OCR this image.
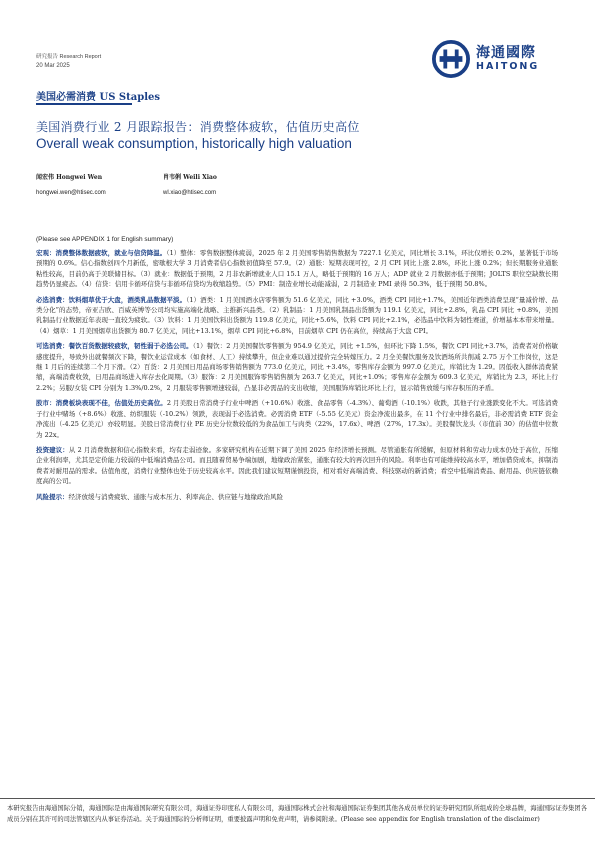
研究报告 Research Report
20 Mar 2025
海通國際
HAITONG
美国必需消费 US Staples
美国消费行业 2 月跟踪报告：消费整体疲软，估值历史高位
Overall weak consumption, historically high valuation
闻宏伟 Hongwei Wen	肖韦俐 Weili Xiao
hongwei.wen@htisec.com	wl.xiao@htisec.com
(Please see APPENDIX 1 for English summary)

宏观：消费整体数据疲软，就业与信贷降温。（1）整体：零售数据整体疲弱，2025 年 2 月美国零售销售数据为 7227.1 亿美元，同比增长 3.1%，环比仅增长 0.2%，显著低于市场预期的 0.6%。信心指数创四个月新低，密歇根大学 3 月消费者信心指数初值降至 57.9。（2）通胀：短期表现可控，2 月 CPI 同比上涨 2.8%，环比上涨 0.2%；但长期服务业通胀粘性较高，目前仍高于美联储目标。（3）就业：数据低于预期，2 月非农新增就业人口 15.1 万人，略低于预期的 16 万人；ADP 就业 2 月数据亦低于预期；JOLTS 职位空缺数长期趋势仍显疲态。（4）信贷：信用卡循环信贷与非循环信贷均为收缩趋势。（5）PMI：制造业增长动能减弱，2 月制造业 PMI 录得 50.3%，低于预期 50.8%。

必选消费：饮料烟草优于大盘，酒类乳品数据平淡。（1）酒类：1 月美国酒水店零售额为 51.6 亿美元，同比 +3.0%，酒类 CPI 同比+1.7%，美国近年酒类消费呈现“量减价增、品类分化”的态势，帝亚吉欧、百威英博等公司均实施高端化战略、主推新兴品类。（2）乳制品：1 月美国乳制品出货额为 119.1 亿美元，同比+2.8%，乳品 CPI 同比 +0.8%，美国乳制品行业数据近年表现一直较为疲软。（3）饮料：1 月美国饮料出货额为 119.8 亿美元，同比+5.6%，饮料 CPI 同比+2.1%，必选品中饮料为韧性赛道，价增基本本带来增量。（4）烟草：1 月美国烟草出货额为 80.7 亿美元，同比+13.1%，烟草 CPI 同比+6.8%，目前烟草 CPI 仍在高位，持续高于大盘 CPI。

可选消费：餐饮百货数据较疲软，韧性弱于必选公司。（1）餐饮：2 月美国餐饮零售额为 954.9 亿美元，同比 +1.5%，但环比下降 1.5%，餐饮 CPI 同比+3.7%，消费者对价格敏感度提升，导致外出就餐频次下降，餐饮业运营成本（如食材、人工）持续攀升，但企业难以通过提价完全转嫁压力。2 月全美餐饮服务及饮酒场所共削减 2.75 万个工作岗位，这是继 1 月后的连续第二个月下滑。（2）百货：2 月美国日用品商场零售销售额为 773.0 亿美元，同比 +3.4%，零售库存金额为 997.0 亿美元，库销比为 1.29。因低收入群体消费紧缩，高端消费收敛，日用品商场进入库存去化周期。（3）服饰：2 月美国服饰零售销售额为 263.7 亿美元，同比+1.0%；零售库存金额为 609.3 亿美元，库销比为 2.3，环比上行 2.2%；另服/女装 CPI 分别为 1.3%/0.2%，2 月服装零售额增速较弱，凸显非必需品的支出收缩，美国服饰库销比环比上行，显示销售放缓与库存积压的矛盾。

股市：消费板块表现不佳，估值处历史高位。2 月美股日常消费子行业中啤酒（+10.6%）收涨、食品零售（-4.3%）、葡萄酒（-10.1%）收跌，其他子行业涨跌变化不大。可选消费子行业中赌场（+8.6%）收涨、纺织服装（-10.2%）领跌，表现弱于必选消费。必需消费 ETF（-5.55 亿美元）资金净流出最多，在 11 个行业中排名最后，非必需消费 ETF 资金净流出（-4.25 亿美元）亦较明显。美股日常消费行业 PE 历史分位数较低的为食品加工与肉类（22%，17.6x）、啤酒（27%，17.3x）。美股餐饮龙头（市值前 30）的估值中位数为 22x。

投资建议：从 2 月消费数据和信心指数来看，均有走弱迹象。多家研究机构在近期下调了美国 2025 年经济增长预测。尽管通胀有所缓解，但原材料和劳动力成本仍处于高位，压缩企业利润率，尤其是定价能力较弱的中低端消费品公司。而且随着贸易争端加剧，地缘政治紧张，通胀有较大的再次回升的风险。利率也有可能维持较高水平，增加借贷成本，抑制消费者对耐用品的需求。估值角度，消费行业整体也处于历史较高水平。因此我们建议短期谨慎投资，相对看好高端消费、科技驱动的新消费；看空中低端消费品、耐用品、供应链依赖度高的公司。

风险提示：经济放缓与消费疲软、通胀与成本压力、利率高企、供应链与地缘政治风险

本研究报告由海通国际分销，海通国际是由海通国际研究有限公司，海通证券印度私人有限公司，海通国际株式会社和海通国际证券集团其他各成员单位的证券研究团队所组成的全球品牌，海通国际证券集团各成员分别在其许可的司法管辖区内从事证券活动。关于海通国际的分析师证明，重要披露声明和免责声明，请参阅附录。(Please see appendix for English translation of the disclaimer)
